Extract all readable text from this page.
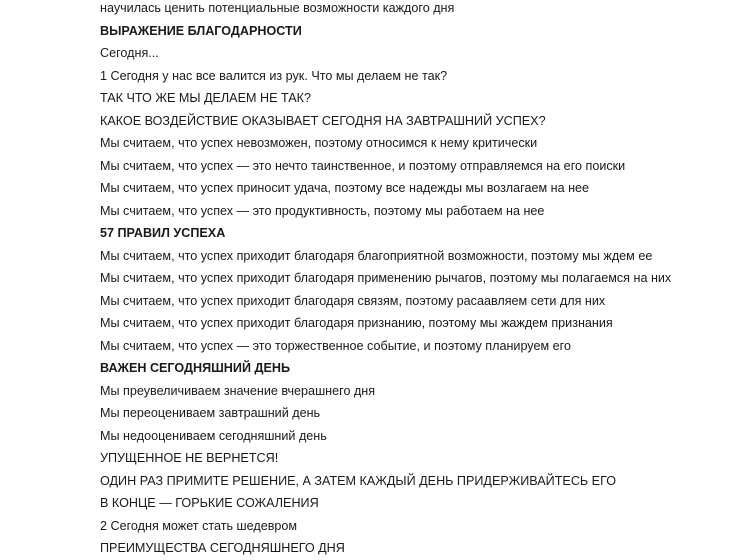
научилась ценить потенциальные возможности каждого дня
ВЫРАЖЕНИЕ БЛАГОДАРНОСТИ
Сегодня...
1 Сегодня у нас все валится из рук. Что мы делаем не так?
ТАК ЧТО ЖЕ МЫ ДЕЛАЕМ НЕ ТАК?
КАКОЕ ВОЗДЕЙСТВИЕ ОКАЗЫВАЕТ СЕГОДНЯ НА ЗАВТРАШНИЙ УСПЕХ?
Мы считаем, что успех невозможен, поэтому относимся к нему критически
Мы считаем, что успех — это нечто таинственное, и поэтому отправляемся на его поиски
Мы считаем, что успех приносит удача, поэтому все надежды мы возлагаем на нее
Мы считаем, что успех — это продуктивность, поэтому мы работаем на нее
57 ПРАВИЛ УСПЕХА
Мы считаем, что успех приходит благодаря благоприятной возможности, поэтому мы ждем ее
Мы считаем, что успех приходит благодаря применению рычагов, поэтому мы полагаемся на них
Мы считаем, что успех приходит благодаря связям, поэтому расаавляем сети для них
Мы считаем, что успех приходит благодаря признанию, поэтому мы жаждем признания
Мы считаем, что успех — это торжественное событие, и поэтому планируем его
ВАЖЕН СЕГОДНЯШНИЙ ДЕНЬ
Мы преувеличиваем значение вчерашнего дня
Мы переоцениваем завтрашний день
Мы недооцениваем сегодняшний день
УПУЩЕННОЕ НЕ ВЕРНЕТСЯ!
ОДИН РАЗ ПРИМИТЕ РЕШЕНИЕ, А ЗАТЕМ КАЖДЫЙ ДЕНЬ ПРИДЕРЖИВАЙТЕСЬ ЕГО
В КОНЦЕ — ГОРЬКИЕ СОЖАЛЕНИЯ
2 Сегодня может стать шедевром
ПРЕИМУЩЕСТВА СЕГОДНЯШНЕГО ДНЯ
